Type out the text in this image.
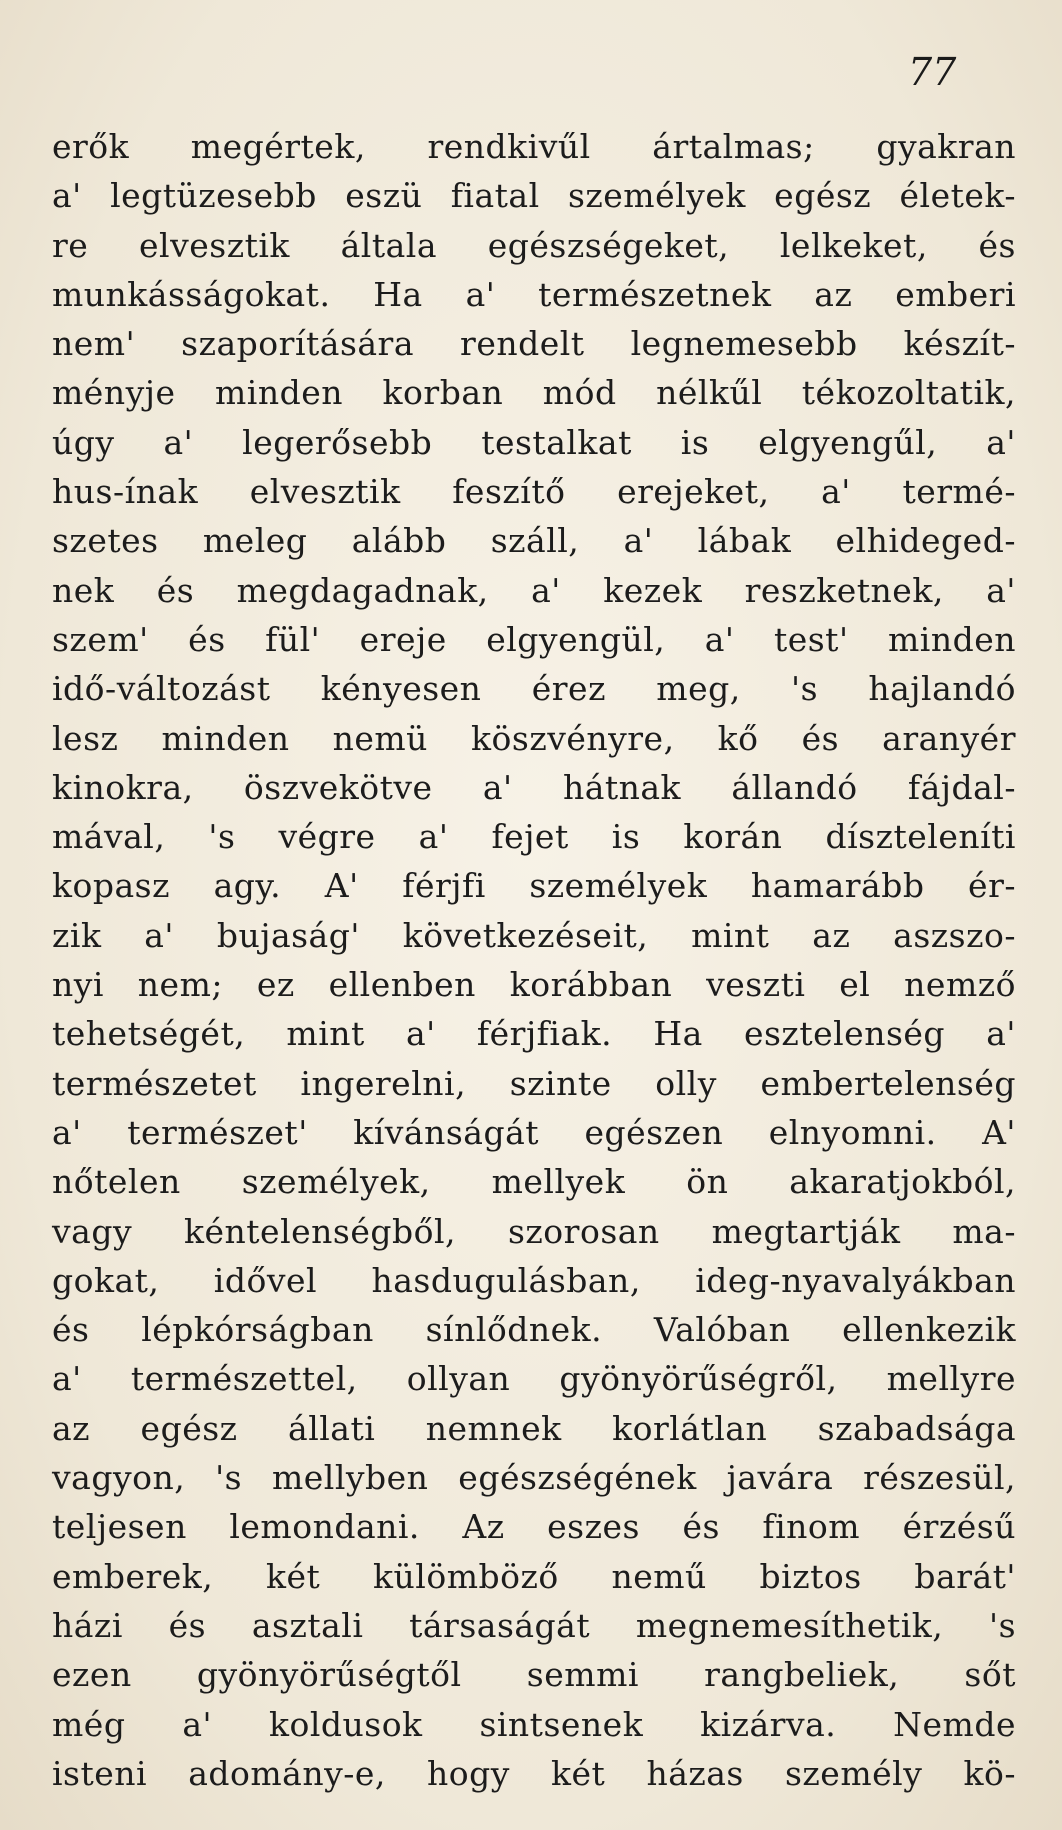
77
erők megértek, rendkivűl ártalmas; gyakran
a' legtüzesebb eszü fiatal személyek egész életek-
re elvesztik általa egészségeket, lelkeket, és
munkásságokat. Ha a' természetnek az emberi
nem' szaporítására rendelt legnemesebb készít-
ményje minden korban mód nélkűl tékozoltatik,
úgy a' legerősebb testalkat is elgyengűl, a'
hus-ínak elvesztik feszítő erejeket, a' termé-
szetes meleg alább száll, a' lábak elhideged-
nek és megdagadnak, a' kezek reszketnek, a'
szem' és fül' ereje elgyengül, a' test' minden
idő-változást kényesen érez meg, 's hajlandó
lesz minden nemü köszvényre, kő és aranyér
kinokra, öszvekötve a' hátnak állandó fájdal-
mával, 's végre a' fejet is korán díszteleníti
kopasz agy. A' férjfi személyek hamarább ér-
zik a' bujaság' következéseit, mint az aszszo-
nyi nem; ez ellenben korábban veszti el nemző
tehetségét, mint a' férjfiak. Ha esztelenség a'
természetet ingerelni, szinte olly embertelenség
a' természet' kívánságát egészen elnyomni. A'
nőtelen személyek, mellyek ön akaratjokból,
vagy kéntelenségből, szorosan megtartják ma-
gokat, idővel hasdugulásban, ideg-nyavalyákban
és lépkórságban sínlődnek. Valóban ellenkezik
a' természettel, ollyan gyönyörűségről, mellyre
az egész állati nemnek korlátlan szabadsága
vagyon, 's mellyben egészségének javára részesül,
teljesen lemondani. Az eszes és finom érzésű
emberek, két külömböző nemű biztos barát'
házi és asztali társaságát megnemesíthetik, 's
ezen gyönyörűségtől semmi rangbeliek, sőt
még a' koldusok sintsenek kizárva. Nemde
isteni adomány-e, hogy két házas személy kö-
